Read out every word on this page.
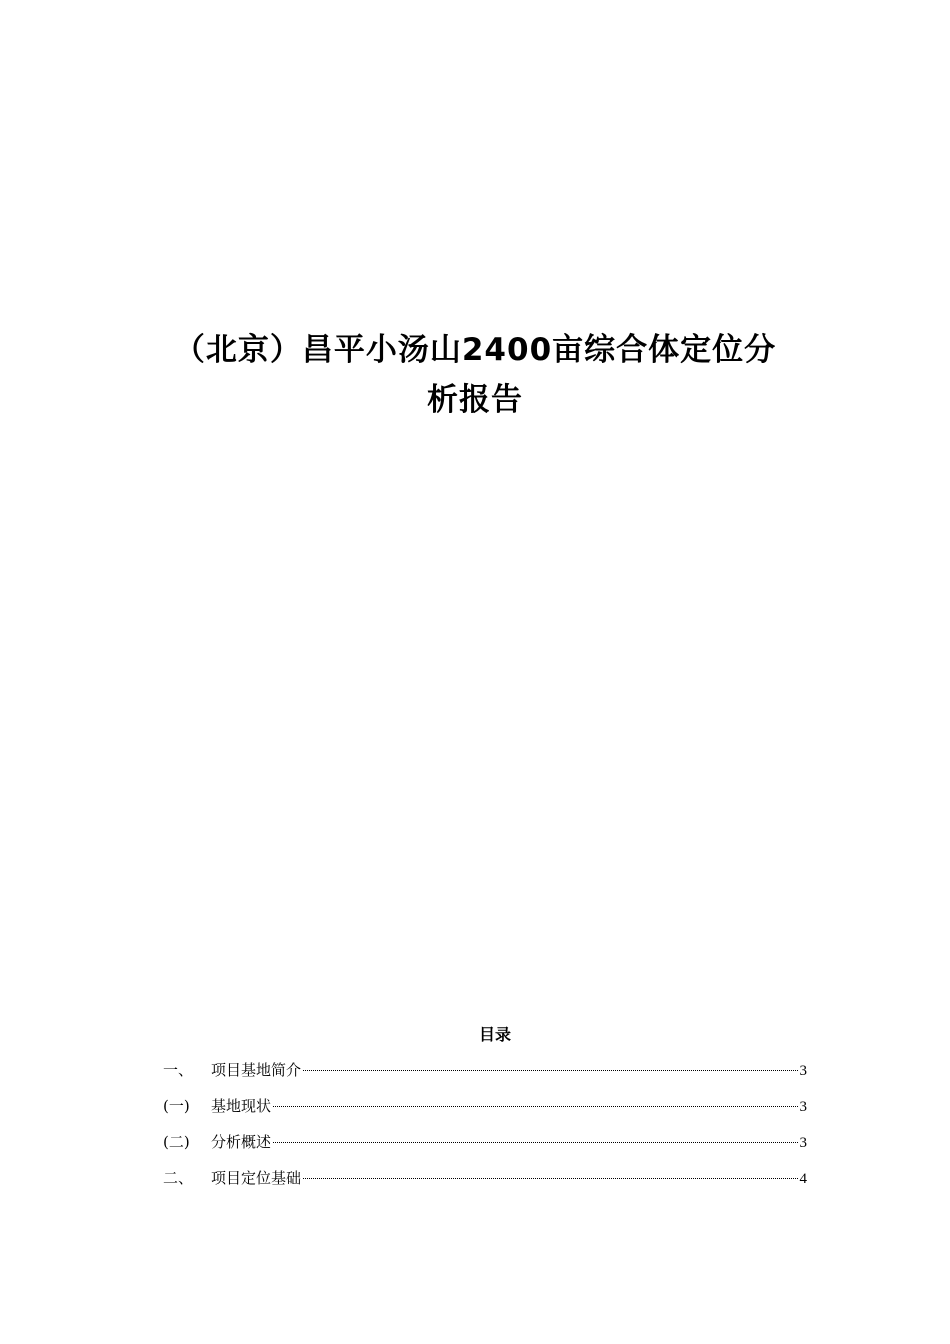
（北京）昌平小汤山2400亩综合体定位分
析报告
目录
一、	项目基地简介	3
(一)	基地现状	3
(二)	分析概述	3
二、	项目定位基础	4
